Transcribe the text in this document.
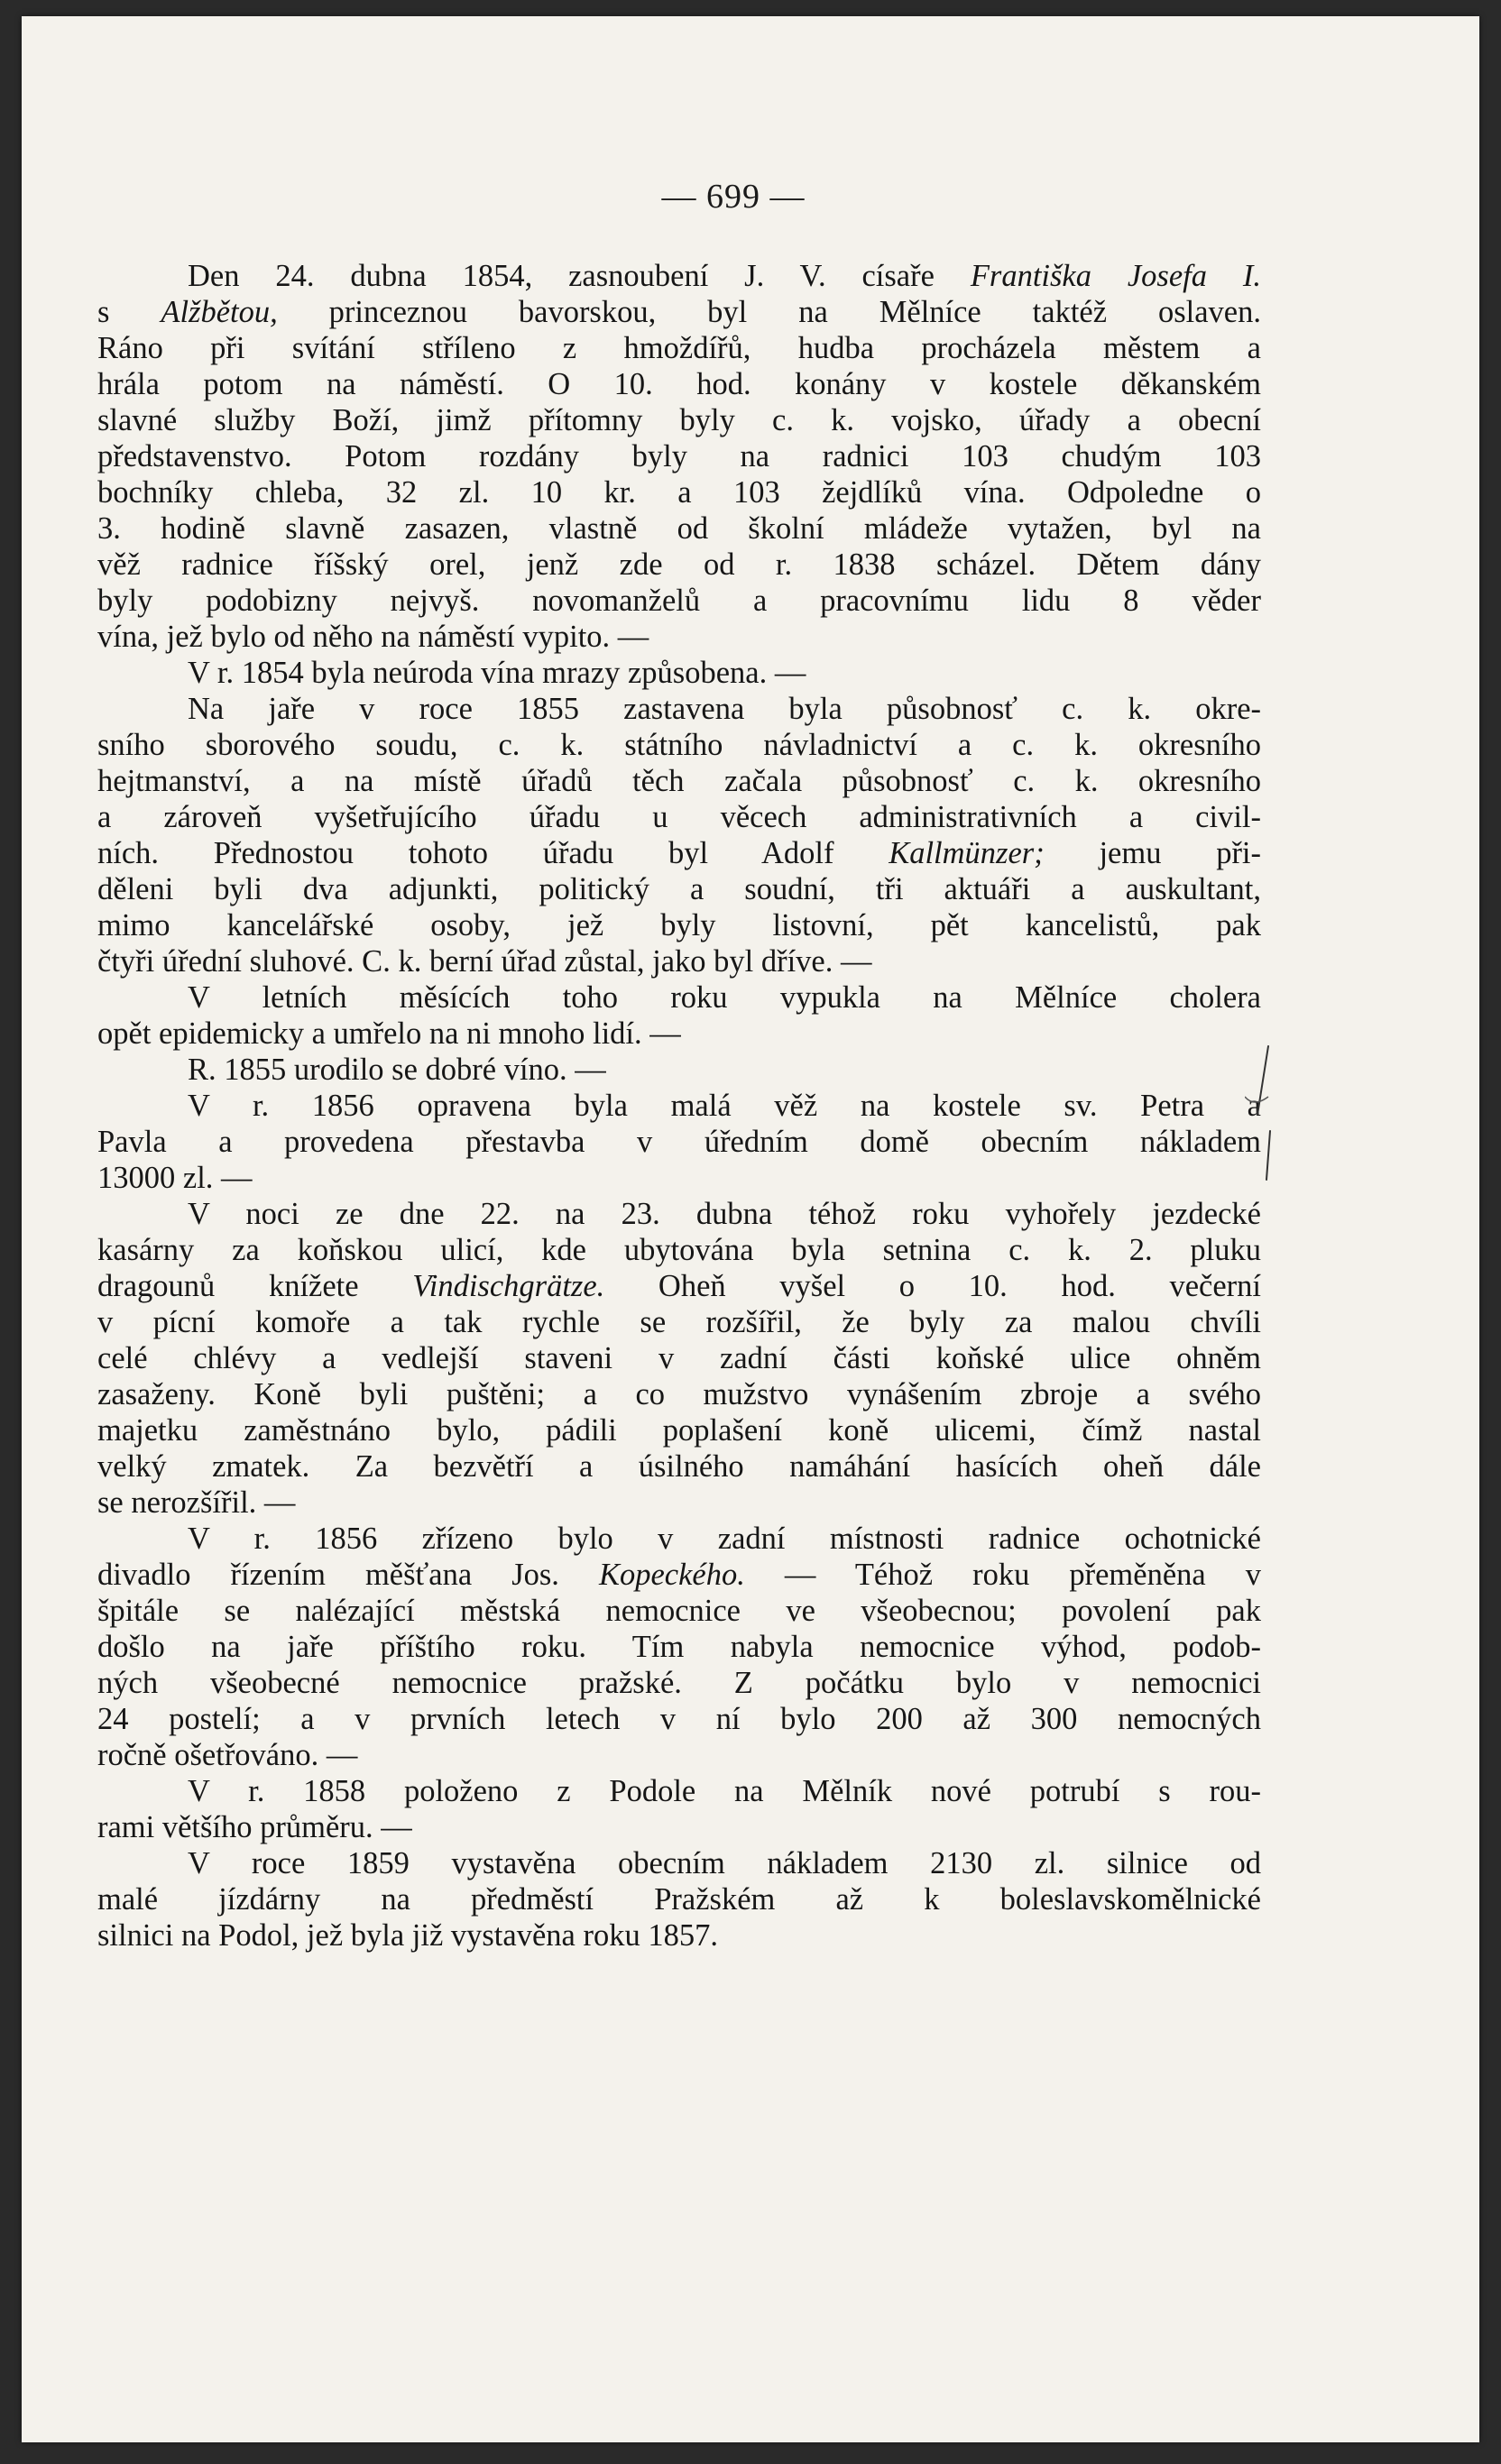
— 699 —
Den 24. dubna 1854, zasnoubení J. V. císaře Františka Josefa I.
s Alžbětou, princeznou bavorskou, byl na Mělníce taktéž oslaven.
Ráno při svítání stříleno z hmoždířů, hudba procházela městem a
hrála potom na náměstí. O 10. hod. konány v kostele děkanském
slavné služby Boží, jimž přítomny byly c. k. vojsko, úřady a obecní
představenstvo. Potom rozdány byly na radnici 103 chudým 103
bochníky chleba, 32 zl. 10 kr. a 103 žejdlíků vína. Odpoledne o
3. hodině slavně zasazen, vlastně od školní mládeže vytažen, byl na
věž radnice říšský orel, jenž zde od r. 1838 scházel. Dětem dány
byly podobizny nejvyš. novomanželů a pracovnímu lidu 8 věder
vína, jež bylo od něho na náměstí vypito. —
V r. 1854 byla neúroda vína mrazy způsobena. —
Na jaře v roce 1855 zastavena byla působnosť c. k. okre-
sního sborového soudu, c. k. státního návladnictví a c. k. okresního
hejtmanství, a na místě úřadů těch začala působnosť c. k. okresního
a zároveň vyšetřujícího úřadu u věcech administrativních a civil-
ních. Přednostou tohoto úřadu byl Adolf Kallmünzer; jemu při-
děleni byli dva adjunkti, politický a soudní, tři aktuáři a auskultant,
mimo kancelářské osoby, jež byly listovní, pět kancelistů, pak
čtyři úřední sluhové. C. k. berní úřad zůstal, jako byl dříve. —
V letních měsících toho roku vypukla na Mělníce cholera
opět epidemicky a umřelo na ni mnoho lidí. —
R. 1855 urodilo se dobré víno. —
V r. 1856 opravena byla malá věž na kostele sv. Petra a
Pavla a provedena přestavba v úředním domě obecním nákladem
13000 zl. —
V noci ze dne 22. na 23. dubna téhož roku vyhořely jezdecké
kasárny za koňskou ulicí, kde ubytována byla setnina c. k. 2. pluku
dragounů knížete Vindischgrätze. Oheň vyšel o 10. hod. večerní
v pícní komoře a tak rychle se rozšířil, že byly za malou chvíli
celé chlévy a vedlejší staveni v zadní části koňské ulice ohněm
zasaženy. Koně byli puštěni; a co mužstvo vynášením zbroje a svého
majetku zaměstnáno bylo, pádili poplašení koně ulicemi, čímž nastal
velký zmatek. Za bezvětří a úsilného namáhání hasících oheň dále
se nerozšířil. —
V r. 1856 zřízeno bylo v zadní místnosti radnice ochotnické
divadlo řízením měšťana Jos. Kopeckého. — Téhož roku přeměněna v
špitále se nalézající městská nemocnice ve všeobecnou; povolení pak
došlo na jaře příštího roku. Tím nabyla nemocnice výhod, podob-
ných všeobecné nemocnice pražské. Z počátku bylo v nemocnici
24 postelí; a v prvních letech v ní bylo 200 až 300 nemocných
ročně ošetřováno. —
V r. 1858 položeno z Podole na Mělník nové potrubí s rou-
rami většího průměru. —
V roce 1859 vystavěna obecním nákladem 2130 zl. silnice od
malé jízdárny na předměstí Pražském až k boleslavskomělnické
silnici na Podol, jež byla již vystavěna roku 1857.
